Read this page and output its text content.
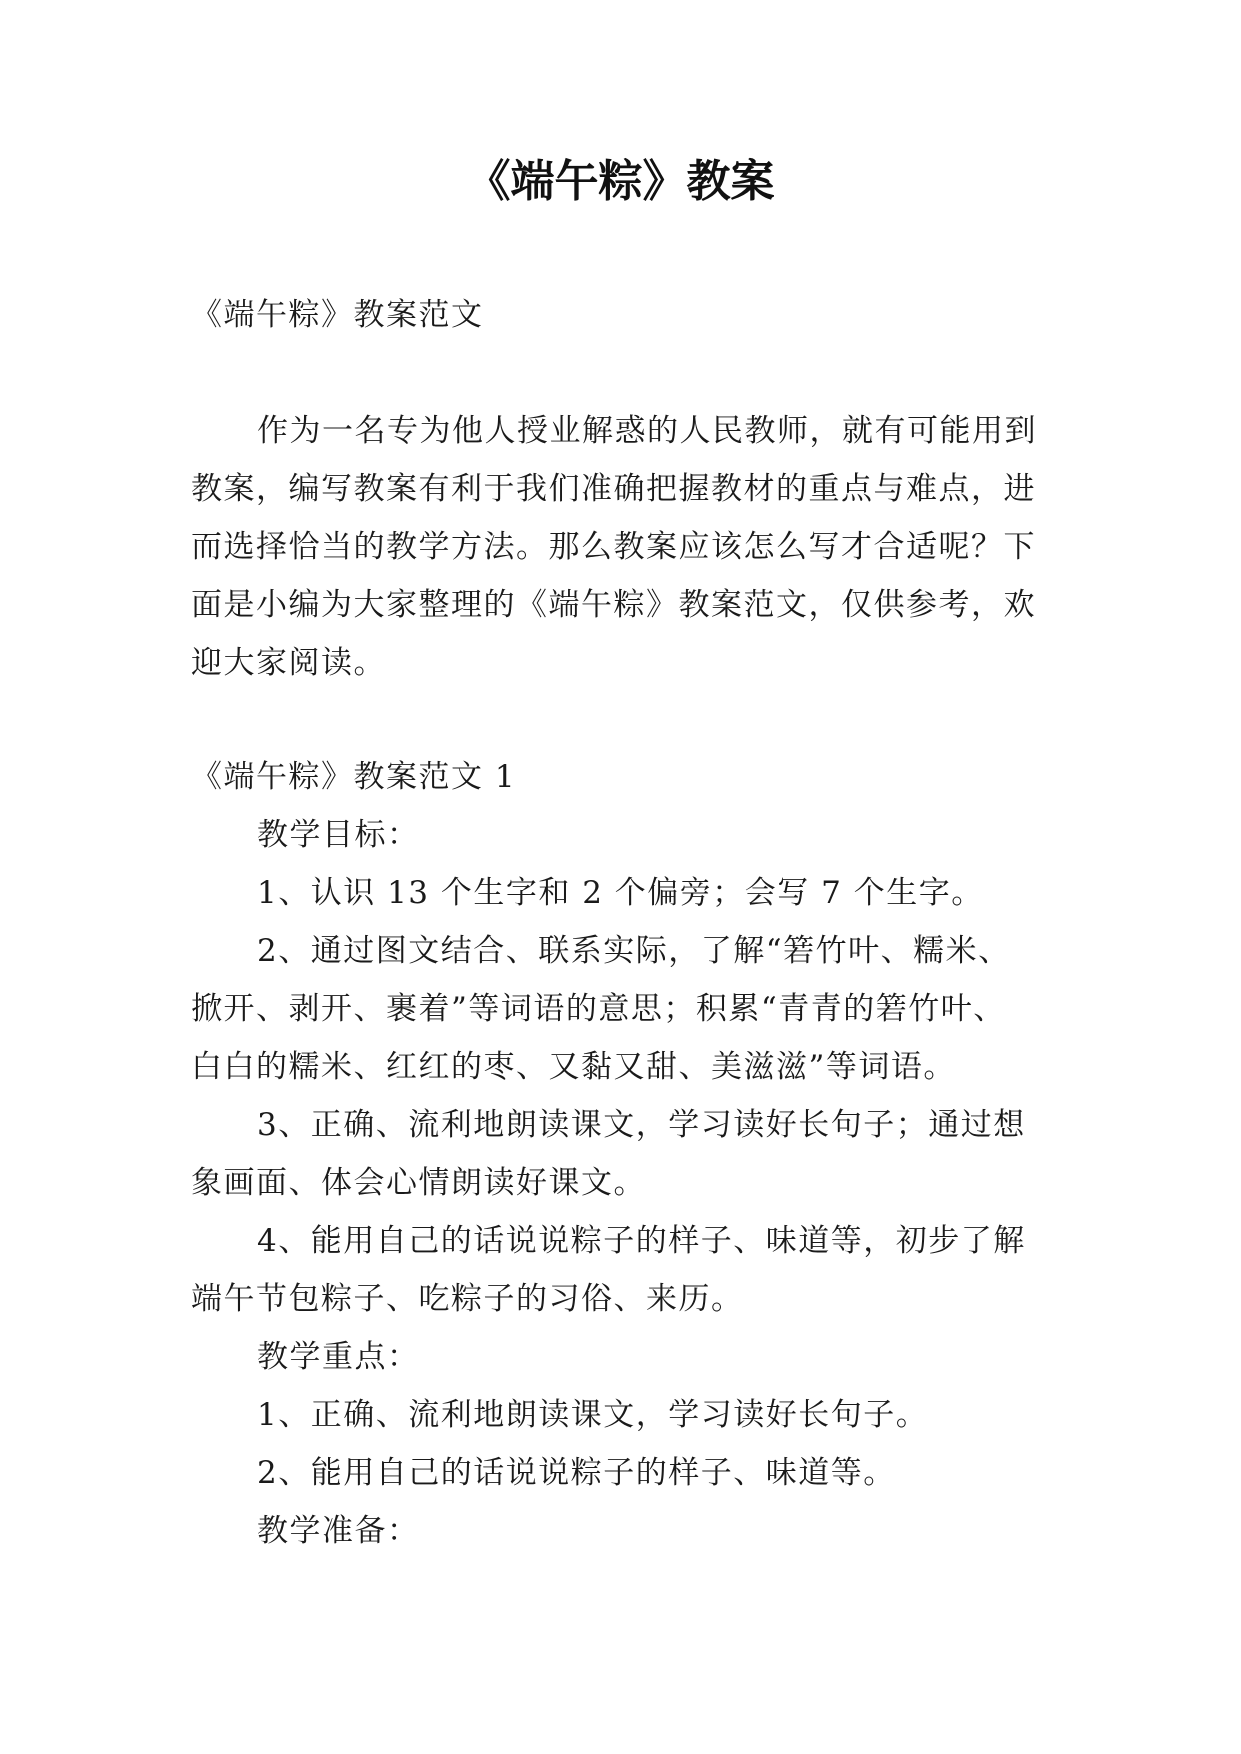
《端午粽》教案
《端午粽》教案范文
作为一名专为他人授业解惑的人民教师，就有可能用到
教案，编写教案有利于我们准确把握教材的重点与难点，进
而选择恰当的教学方法。那么教案应该怎么写才合适呢？下
面是小编为大家整理的《端午粽》教案范文，仅供参考，欢
迎大家阅读。
《端午粽》教案范文 1
教学目标：
1、认识 13 个生字和 2 个偏旁；会写 7 个生字。
2、通过图文结合、联系实际，了解“箬竹叶、糯米、
掀开、剥开、裹着”等词语的意思；积累“青青的箬竹叶、
白白的糯米、红红的枣、又黏又甜、美滋滋”等词语。
3、正确、流利地朗读课文，学习读好长句子；通过想
象画面、体会心情朗读好课文。
4、能用自己的话说说粽子的样子、味道等，初步了解
端午节包粽子、吃粽子的习俗、来历。
教学重点：
1、正确、流利地朗读课文，学习读好长句子。
2、能用自己的话说说粽子的样子、味道等。
教学准备：
